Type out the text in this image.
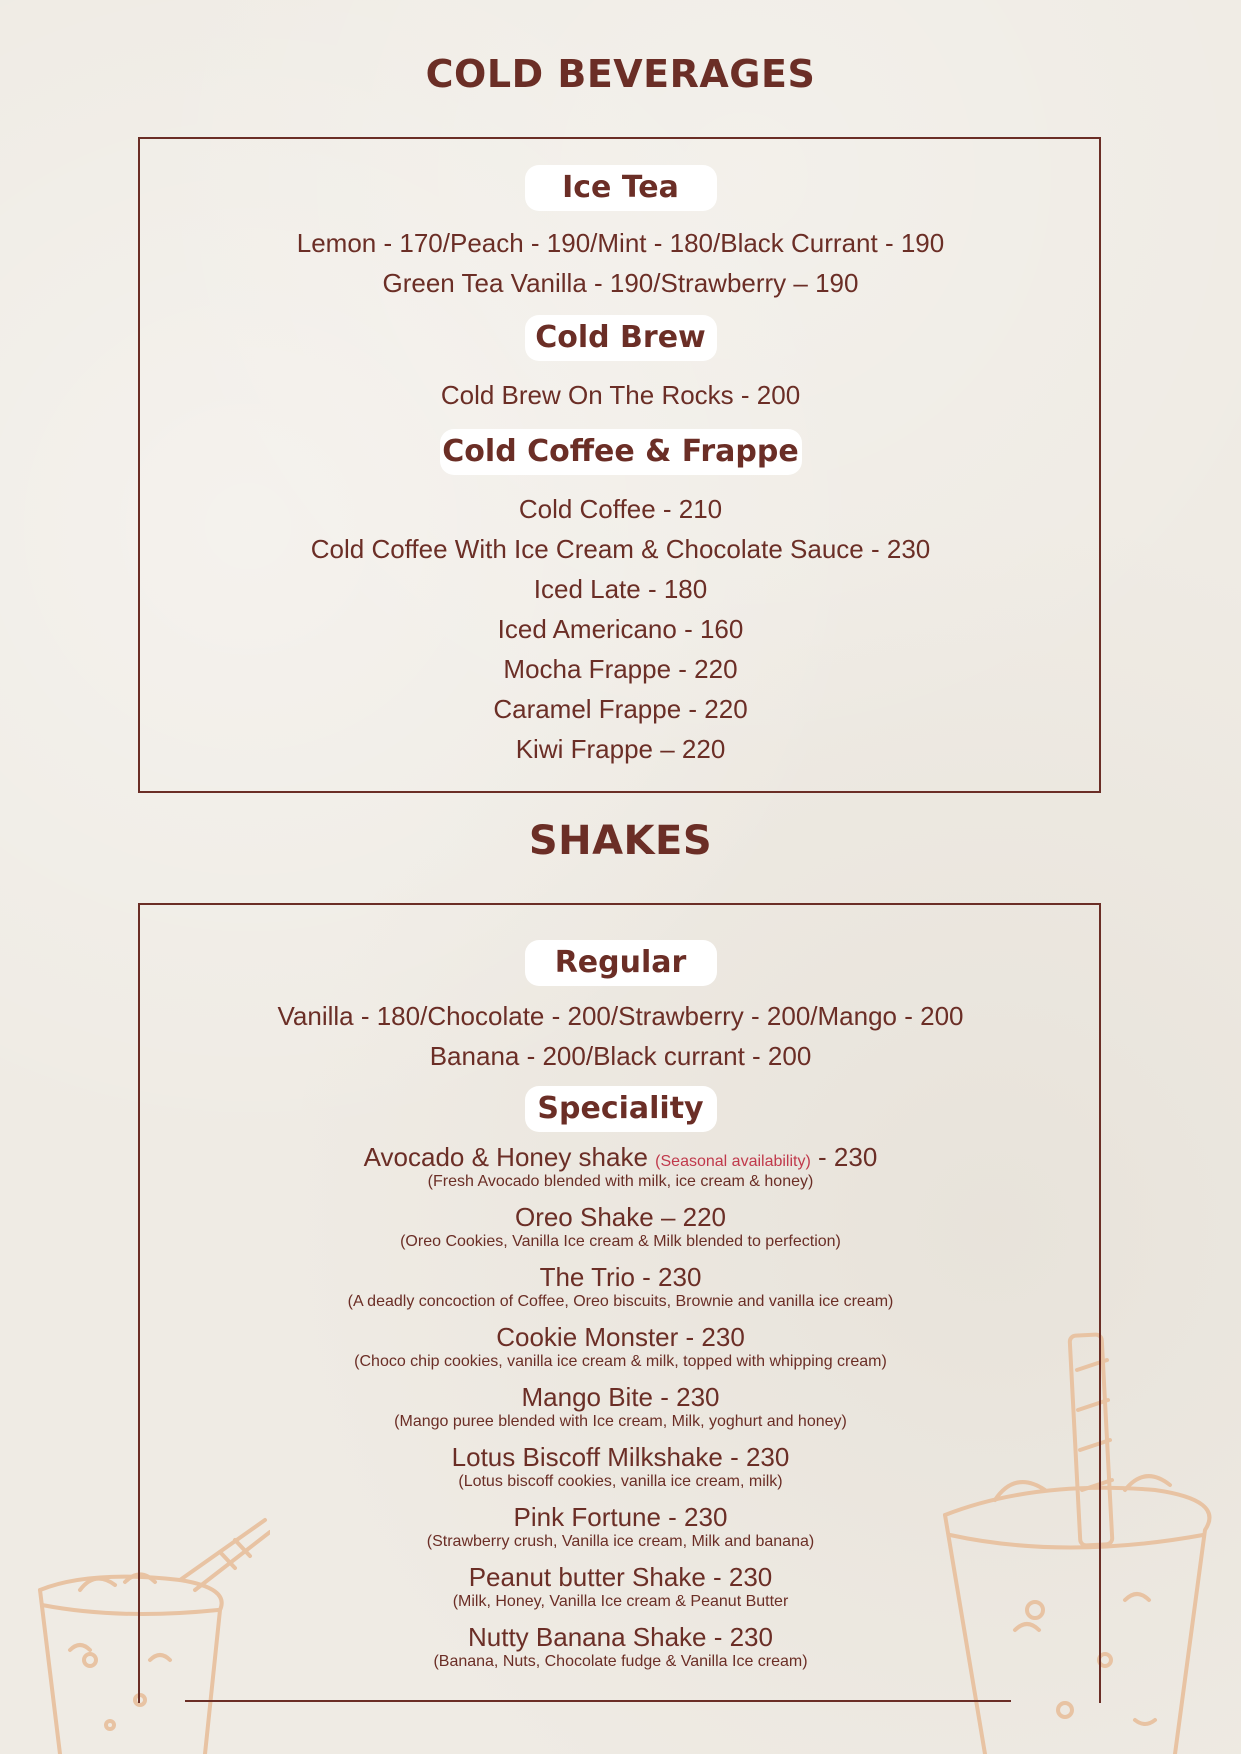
COLD BEVERAGES
Ice Tea
Lemon - 170/Peach - 190/Mint - 180/Black Currant - 190
Green Tea Vanilla - 190/Strawberry – 190
Cold Brew
Cold Brew On The Rocks - 200
Cold Coffee & Frappe
Cold Coffee - 210
Cold Coffee With Ice Cream & Chocolate Sauce - 230
Iced Late - 180
Iced Americano - 160
Mocha Frappe - 220
Caramel Frappe - 220
Kiwi Frappe – 220
SHAKES
Regular
Vanilla - 180/Chocolate - 200/Strawberry - 200/Mango - 200
Banana - 200/Black currant - 200
Speciality
Avocado & Honey shake (Seasonal availability) - 230
(Fresh Avocado blended with milk, ice cream & honey)
Oreo Shake – 220
(Oreo Cookies, Vanilla Ice cream & Milk blended to perfection)
The Trio - 230
(A deadly concoction of Coffee, Oreo biscuits, Brownie and vanilla ice cream)
Cookie Monster - 230
(Choco chip cookies, vanilla ice cream & milk, topped with whipping cream)
Mango Bite - 230
(Mango puree blended with Ice cream, Milk, yoghurt and honey)
Lotus Biscoff Milkshake - 230
(Lotus biscoff cookies, vanilla ice cream, milk)
Pink Fortune - 230
(Strawberry crush, Vanilla ice cream, Milk and banana)
Peanut butter Shake - 230
(Milk, Honey, Vanilla Ice cream & Peanut Butter
Nutty Banana Shake - 230
(Banana, Nuts, Chocolate fudge & Vanilla Ice cream)
